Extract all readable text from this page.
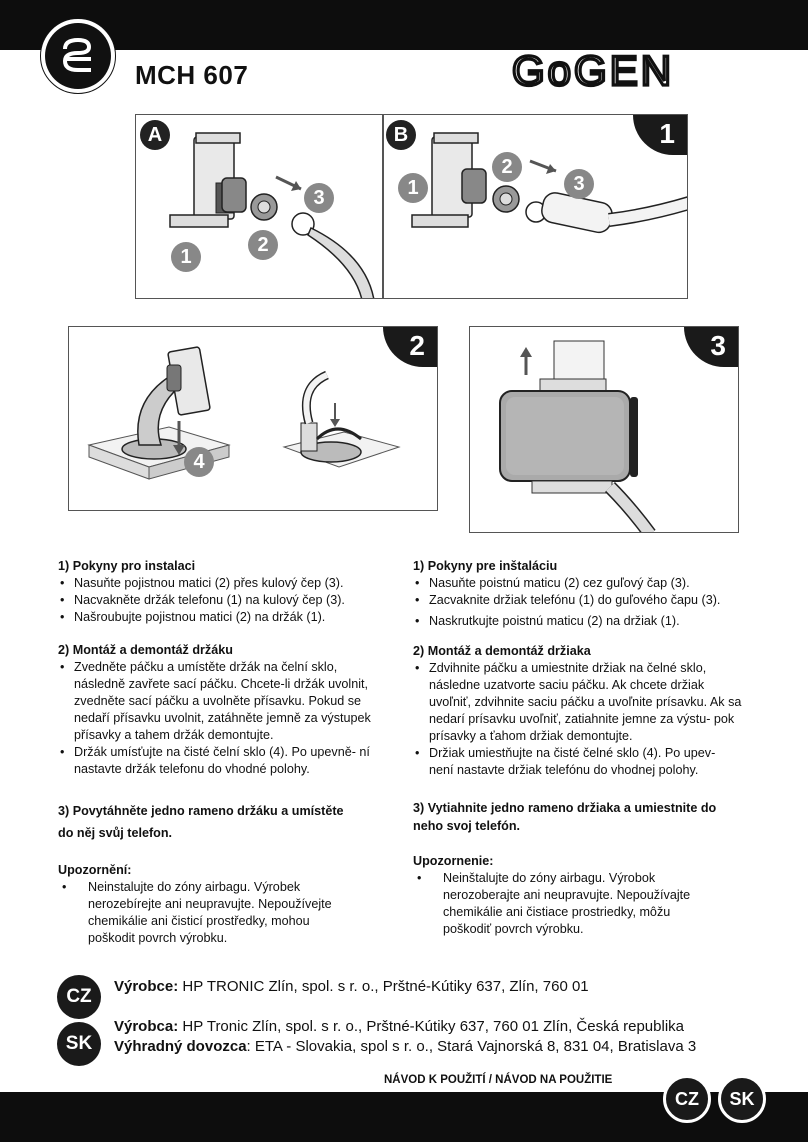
MCH 607	GoGEN
A
1
2
3
B	1
1
2
3
2
4
3
1) Pokyny pro instalaci
• Nasuňte pojistnou matici (2) přes kulový čep (3).
• Nacvakněte držák telefonu (1) na kulový čep (3).
• Našroubujte pojistnou matici (2) na držák (1).
2) Montáž a demontáž držáku
• Zvedněte páčku a umístěte držák na čelní sklo, následně zavřete sací páčku. Chcete-li držák uvolnit, zvedněte sací páčku a uvolněte přísavku. Pokud se nedaří přísavku uvolnit, zatáhněte jemně za výstupek přísavky a tahem držák demontujte.
• Držák umísťujte na čisté čelní sklo (4). Po upevně- ní nastavte držák telefonu do vhodné polohy.
3) Povytáhněte jedno rameno držáku a umístěte
do něj svůj telefon.
Upozornění:
• Neinstalujte do zóny airbagu. Výrobek nerozebírejte ani neupravujte. Nepoužívejte chemikálie ani čisticí prostředky, mohou poškodit povrch výrobku.
1) Pokyny pre inštaláciu
• Nasuňte poistnú maticu (2) cez guľový čap (3).
• Zacvaknite držiak telefónu (1) do guľového čapu (3).
• Naskrutkujte poistnú maticu (2) na držiak (1).
2) Montáž a demontáž držiaka
• Zdvihnite páčku a umiestnite držiak na čelné sklo, následne uzatvorte saciu páčku. Ak chcete držiak uvoľniť, zdvihnite saciu páčku a uvoľnite prísavku. Ak sa nedarí prísavku uvoľniť, zatiahnite jemne za výstu- pok prísavky a ťahom držiak demontujte.
• Držiak umiestňujte na čisté čelné sklo (4). Po upev- není nastavte držiak telefónu do vhodnej polohy.
3) Vytiahnite jedno rameno držiaka a umiestnite do
neho svoj telefón.
Upozornenie:
• Neinštalujte do zóny airbagu. Výrobok nerozoberajte ani neupravujte. Nepoužívajte chemikálie ani čistiace prostriedky, môžu poškodiť povrch výrobku.
CZ
SK
Výrobce: HP TRONIC Zlín, spol. s r. o., Prštné-Kútiky 637, Zlín, 760 01
Výrobca: HP Tronic Zlín, spol. s r. o., Prštné-Kútiky 637, 760 01 Zlín, Česká republika
Výhradný dovozca: ETA - Slovakia, spol s r. o., Stará Vajnorská 8, 831 04, Bratislava 3
NÁVOD K POUŽITÍ / NÁVOD NA POUŽITIE
CZ	SK
